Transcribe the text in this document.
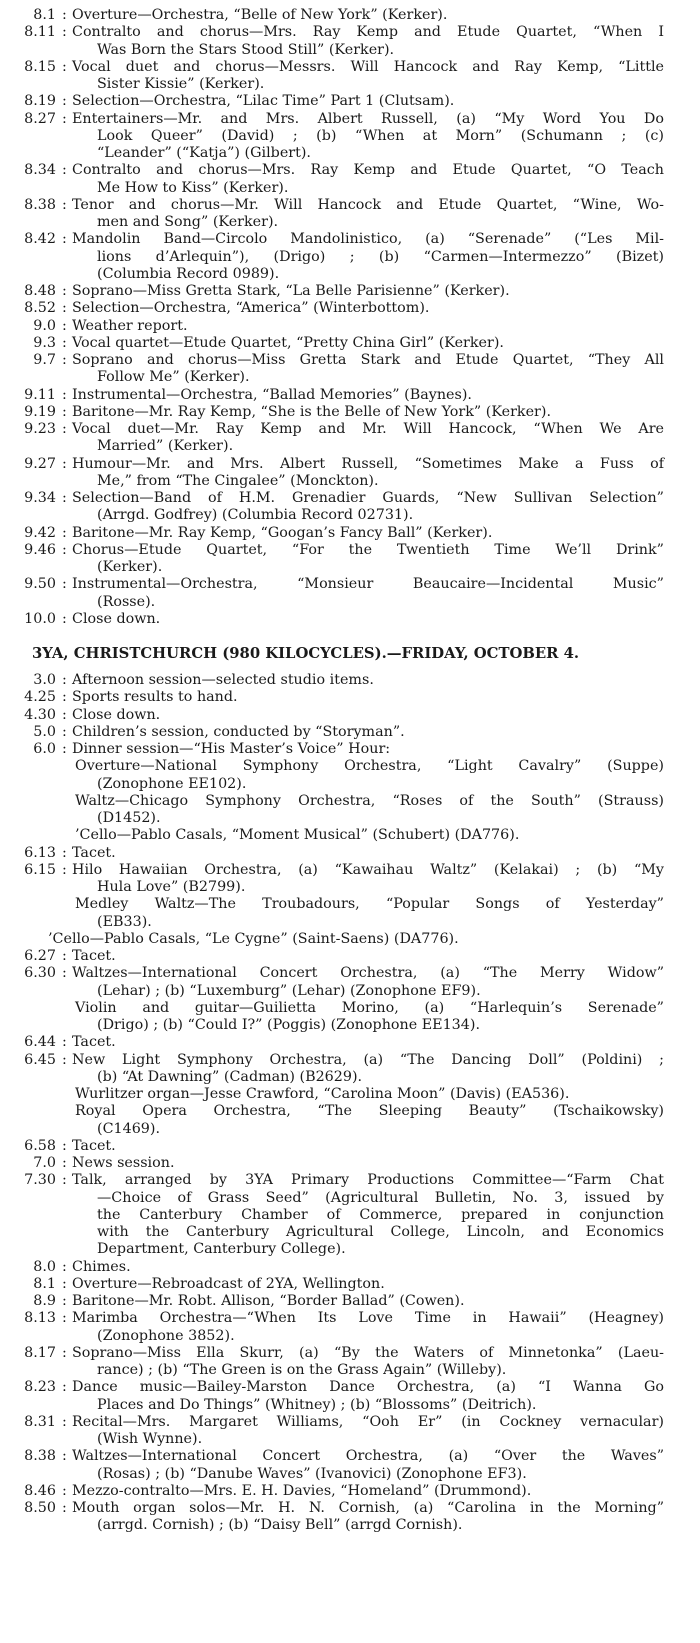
8.1 : Overture—Orchestra, “Belle of New York” (Kerker).
8.11 : Contralto and chorus—Mrs. Ray Kemp and Etude Quartet, “When I
Was Born the Stars Stood Still” (Kerker).
8.15 : Vocal duet and chorus—Messrs. Will Hancock and Ray Kemp, “Little
Sister Kissie” (Kerker).
8.19 : Selection—Orchestra, “Lilac Time” Part 1 (Clutsam).
8.27 : Entertainers—Mr. and Mrs. Albert Russell, (a) “My Word You Do
Look Queer” (David) ; (b) “When at Morn” (Schumann ; (c)
“Leander” (“Katja”) (Gilbert).
8.34 : Contralto and chorus—Mrs. Ray Kemp and Etude Quartet, “O Teach
Me How to Kiss” (Kerker).
8.38 : Tenor and chorus—Mr. Will Hancock and Etude Quartet, “Wine, Wo-
men and Song” (Kerker).
8.42 : Mandolin Band—Circolo Mandolinistico, (a) “Serenade” (“Les Mil-
lions d’Arlequin”), (Drigo) ; (b) “Carmen—Intermezzo” (Bizet)
(Columbia Record 0989).
8.48 : Soprano—Miss Gretta Stark, “La Belle Parisienne” (Kerker).
8.52 : Selection—Orchestra, “America” (Winterbottom).
9.0 : Weather report.
9.3 : Vocal quartet—Etude Quartet, “Pretty China Girl” (Kerker).
9.7 : Soprano and chorus—Miss Gretta Stark and Etude Quartet, “They All
Follow Me” (Kerker).
9.11 : Instrumental—Orchestra, “Ballad Memories” (Baynes).
9.19 : Baritone—Mr. Ray Kemp, “She is the Belle of New York” (Kerker).
9.23 : Vocal duet—Mr. Ray Kemp and Mr. Will Hancock, “When We Are
Married” (Kerker).
9.27 : Humour—Mr. and Mrs. Albert Russell, “Sometimes Make a Fuss of
Me,” from “The Cingalee” (Monckton).
9.34 : Selection—Band of H.M. Grenadier Guards, “New Sullivan Selection”
(Arrgd. Godfrey) (Columbia Record 02731).
9.42 : Baritone—Mr. Ray Kemp, “Googan’s Fancy Ball” (Kerker).
9.46 : Chorus—Etude Quartet, “For the Twentieth Time We’ll Drink”
(Kerker).
9.50 : Instrumental—Orchestra, “Monsieur Beaucaire—Incidental Music”
(Rosse).
10.0 : Close down.
3YA, CHRISTCHURCH (980 KILOCYCLES).—FRIDAY, OCTOBER 4.
3.0 : Afternoon session—selected studio items.
4.25 : Sports results to hand.
4.30 : Close down.
5.0 : Children’s session, conducted by “Storyman”.
6.0 : Dinner session—“His Master’s Voice” Hour:
Overture—National Symphony Orchestra, “Light Cavalry” (Suppe)
(Zonophone EE102).
Waltz—Chicago Symphony Orchestra, “Roses of the South” (Strauss)
(D1452).
’Cello—Pablo Casals, “Moment Musical” (Schubert) (DA776).
6.13 : Tacet.
6.15 : Hilo Hawaiian Orchestra, (a) “Kawaihau Waltz” (Kelakai) ; (b) “My
Hula Love” (B2799).
Medley Waltz—The Troubadours, “Popular Songs of Yesterday”
(EB33).
’Cello—Pablo Casals, “Le Cygne” (Saint-Saens) (DA776).
6.27 : Tacet.
6.30 : Waltzes—International Concert Orchestra, (a) “The Merry Widow”
(Lehar) ; (b) “Luxemburg” (Lehar) (Zonophone EF9).
Violin and guitar—Guilietta Morino, (a) “Harlequin’s Serenade”
(Drigo) ; (b) “Could I?” (Poggis) (Zonophone EE134).
6.44 : Tacet.
6.45 : New Light Symphony Orchestra, (a) “The Dancing Doll” (Poldini) ;
(b) “At Dawning” (Cadman) (B2629).
Wurlitzer organ—Jesse Crawford, “Carolina Moon” (Davis) (EA536).
Royal Opera Orchestra, “The Sleeping Beauty” (Tschaikowsky)
(C1469).
6.58 : Tacet.
7.0 : News session.
7.30 : Talk, arranged by 3YA Primary Productions Committee—“Farm Chat
—Choice of Grass Seed” (Agricultural Bulletin, No. 3, issued by
the Canterbury Chamber of Commerce, prepared in conjunction
with the Canterbury Agricultural College, Lincoln, and Economics
Department, Canterbury College).
8.0 : Chimes.
8.1 : Overture—Rebroadcast of 2YA, Wellington.
8.9 : Baritone—Mr. Robt. Allison, “Border Ballad” (Cowen).
8.13 : Marimba Orchestra—“When Its Love Time in Hawaii” (Heagney)
(Zonophone 3852).
8.17 : Soprano—Miss Ella Skurr, (a) “By the Waters of Minnetonka” (Laeu-
rance) ; (b) “The Green is on the Grass Again” (Willeby).
8.23 : Dance music—Bailey-Marston Dance Orchestra, (a) “I Wanna Go
Places and Do Things” (Whitney) ; (b) “Blossoms” (Deitrich).
8.31 : Recital—Mrs. Margaret Williams, “Ooh Er” (in Cockney vernacular)
(Wish Wynne).
8.38 : Waltzes—International Concert Orchestra, (a) “Over the Waves”
(Rosas) ; (b) “Danube Waves” (Ivanovici) (Zonophone EF3).
8.46 : Mezzo-contralto—Mrs. E. H. Davies, “Homeland” (Drummond).
8.50 : Mouth organ solos—Mr. H. N. Cornish, (a) “Carolina in the Morning”
(arrgd. Cornish) ; (b) “Daisy Bell” (arrgd Cornish).
